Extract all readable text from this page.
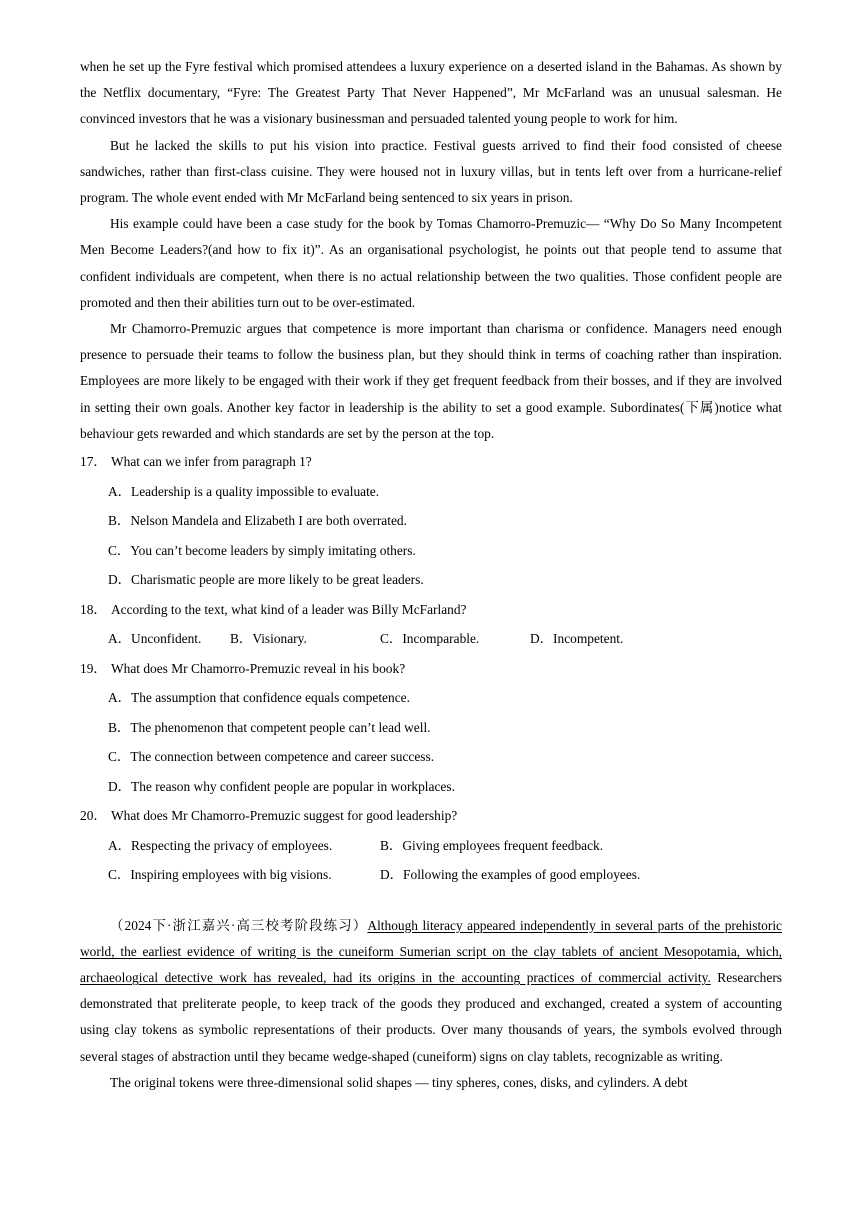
when he set up the Fyre festival which promised attendees a luxury experience on a deserted island in the Bahamas. As shown by the Netflix documentary, “Fyre: The Greatest Party That Never Happened”, Mr McFarland was an unusual salesman. He convinced investors that he was a visionary businessman and persuaded talented young people to work for him.

But he lacked the skills to put his vision into practice. Festival guests arrived to find their food consisted of cheese sandwiches, rather than first-class cuisine. They were housed not in luxury villas, but in tents left over from a hurricane-relief program. The whole event ended with Mr McFarland being sentenced to six years in prison.

His example could have been a case study for the book by Tomas Chamorro-Premuzic— “Why Do So Many Incompetent Men Become Leaders?(and how to fix it)”. As an organisational psychologist, he points out that people tend to assume that confident individuals are competent, when there is no actual relationship between the two qualities. Those confident people are promoted and then their abilities turn out to be over-estimated.

Mr Chamorro-Premuzic argues that competence is more important than charisma or confidence. Managers need enough presence to persuade their teams to follow the business plan, but they should think in terms of coaching rather than inspiration. Employees are more likely to be engaged with their work if they get frequent feedback from their bosses, and if they are involved in setting their own goals. Another key factor in leadership is the ability to set a good example. Subordinates(下属)notice what behaviour gets rewarded and which standards are set by the person at the top.

17． What can we infer from paragraph 1?
A．Leadership is a quality impossible to evaluate.
B．Nelson Mandela and Elizabeth I are both overrated.
C．You can’t become leaders by simply imitating others.
D．Charismatic people are more likely to be great leaders.
18． According to the text, what kind of a leader was Billy McFarland?
A．Unconfident.	B．Visionary.	C．Incomparable.	D．Incompetent.
19． What does Mr Chamorro-Premuzic reveal in his book?
A．The assumption that confidence equals competence.
B．The phenomenon that competent people can’t lead well.
C．The connection between competence and career success.
D．The reason why confident people are popular in workplaces.
20． What does Mr Chamorro-Premuzic suggest for good leadership?
A．Respecting the privacy of employees.	B．Giving employees frequent feedback.
C．Inspiring employees with big visions.	D．Following the examples of good employees.

（2024下·浙江嘉兴·高三校考阶段练习）Although literacy appeared independently in several parts of the prehistoric world, the earliest evidence of writing is the cuneiform Sumerian script on the clay tablets of ancient Mesopotamia, which, archaeological detective work has revealed, had its origins in the accounting practices of commercial activity. Researchers demonstrated that preliterate people, to keep track of the goods they produced and exchanged, created a system of accounting using clay tokens as symbolic representations of their products. Over many thousands of years, the symbols evolved through several stages of abstraction until they became wedge-shaped (cuneiform) signs on clay tablets, recognizable as writing.

The original tokens were three-dimensional solid shapes — tiny spheres, cones, disks, and cylinders. A debt
